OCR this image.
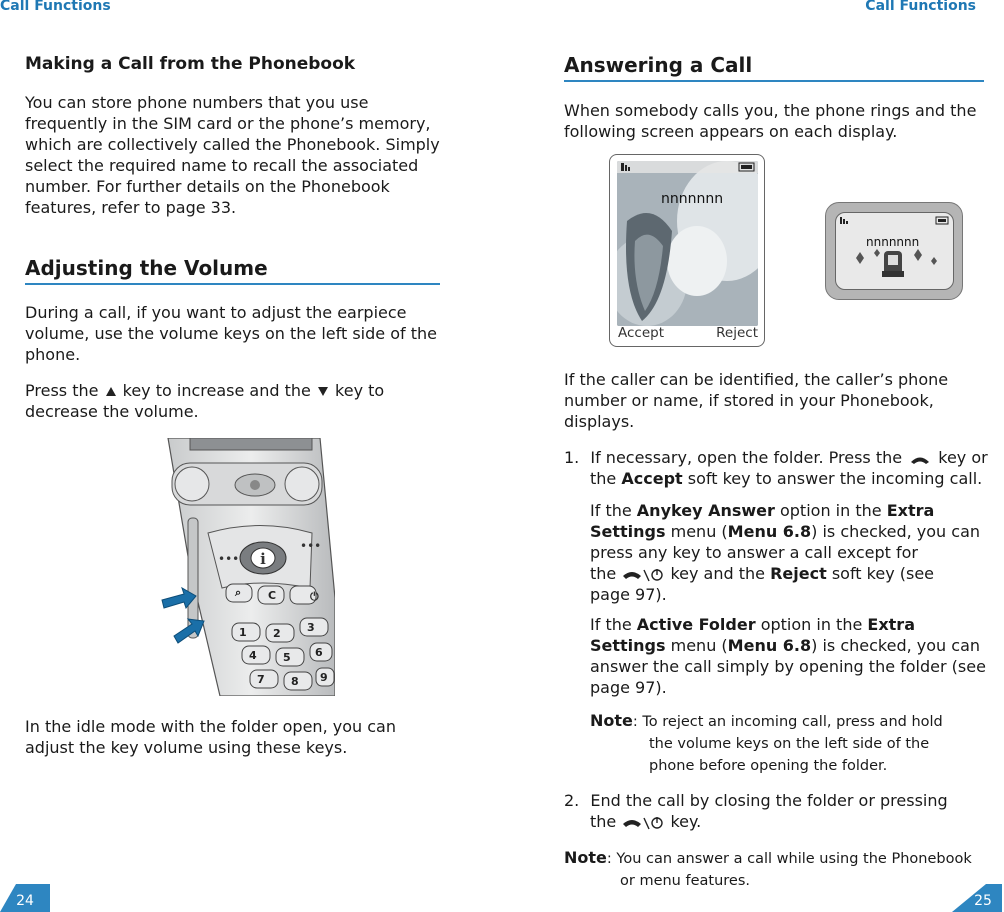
Call Functions	Call Functions
Making a Call from the Phonebook

You can store phone numbers that you use

frequently in the SIM card or the phone’s memory,

which are collectively called the Phonebook. Simply

select the required name to recall the associated

number. For further details on the Phonebook

features, refer to page 33.

Adjusting the Volume

During a call, if you want to adjust the earpiece

volume, use the volume keys on the left side of the

phone.

Press the key to increase and the key to

decrease the volume.

In the idle mode with the folder open, you can

adjust the key volume using these keys.

i
•••
•••
⌕ C	⏻
1 2 3
4 5 6
7 8 9
Answering a Call

When somebody calls you, the phone rings and the

following screen appears on each display.

If the caller can be identified, the caller’s phone

number or name, if stored in your Phonebook,

displays.

1. If necessary, open the folder. Press the key or

the Accept soft key to answer the incoming call.

If the Anykey Answer option in the Extra

Settings menu (Menu 6.8) is checked, you can

press any key to answer a call except for

the	key and the Reject soft key (see

page 97).

If the Active Folder option in the Extra

Settings menu (Menu 6.8) is checked, you can

answer the call simply by opening the folder (see

page 97).

Note: To reject an incoming call, press and hold
the volume keys on the left side of the
phone before opening the folder.

2. End the call by closing the folder or pressing

the	key.

Note: You can answer a call while using the Phonebook
or menu features.
nnnnnnn
Accept	Reject
nnnnnnn
24	25
